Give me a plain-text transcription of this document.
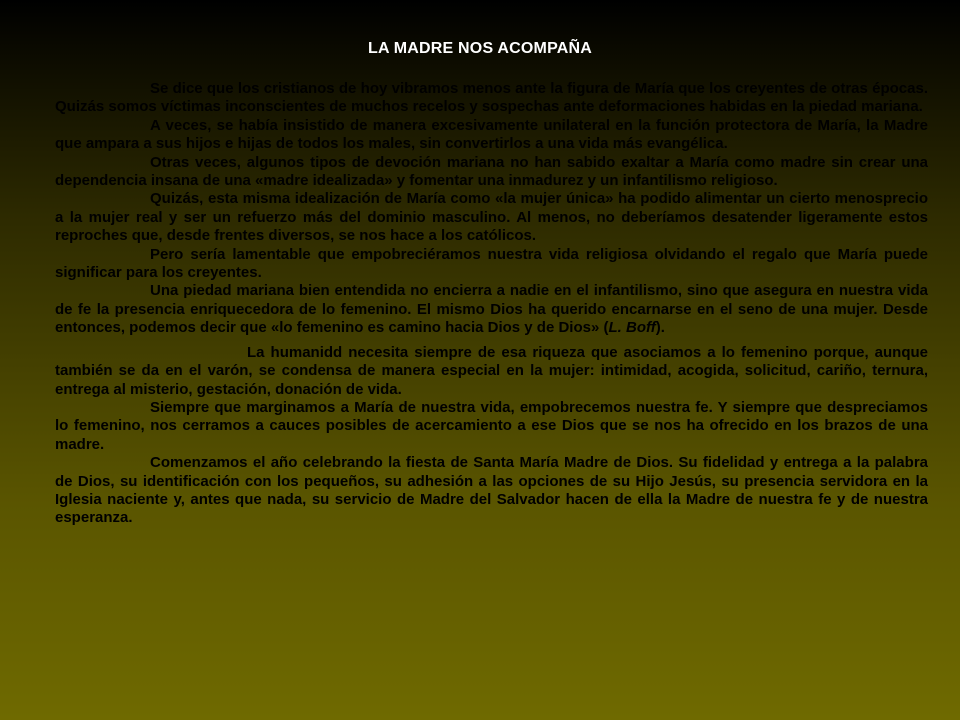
LA MADRE NOS ACOMPAÑA

Se dice que los cristianos de hoy vibramos menos ante la figura de María que los creyentes de otras épocas. Quizás somos víctimas inconscientes de muchos recelos y sospechas ante deformaciones habidas en la piedad mariana.

A veces, se había insistido de manera excesivamente unilateral en la función protectora de María, la Madre que ampara a sus hijos e hijas de todos los males, sin convertirlos a una vida más evangélica.

Otras veces, algunos tipos de devoción mariana no han sabido exaltar a María como madre sin crear una dependencia insana de una «madre idealizada» y fomentar una inmadurez y un infantilismo religioso.

Quizás, esta misma idealización de María como «la mujer única» ha podido alimentar un cierto menosprecio a la mujer real y ser un refuerzo más del dominio masculino. Al menos, no deberíamos desatender ligeramente estos reproches que, desde frentes diversos, se nos hace a los católicos.

Pero sería lamentable que empobreciéramos nuestra vida religiosa olvidando el regalo que María puede significar para los creyentes.

Una piedad mariana bien entendida no encierra a nadie en el infantilismo, sino que asegura en nuestra vida de fe la presencia enriquecedora de lo femenino. El mismo Dios ha querido encarnarse en el seno de una mujer. Desde entonces, podemos decir que «lo femenino es camino hacia Dios y de Dios» (L. Boff).

La humanidd necesita siempre de esa riqueza que asociamos a lo femenino porque, aunque también se da en el varón, se condensa de manera especial en la mujer: intimidad, acogida, solicitud, cariño, ternura, entrega al misterio, gestación, donación de vida.

Siempre que marginamos a María de nuestra vida, empobrecemos nuestra fe. Y siempre que despreciamos lo femenino, nos cerramos a cauces posibles de acercamiento a ese Dios que se nos ha ofrecido en los brazos de una madre.

Comenzamos el año celebrando la fiesta de Santa María Madre de Dios. Su fidelidad y entrega a la palabra de Dios, su identificación con los pequeños, su adhesión a las opciones de su Hijo Jesús, su presencia servidora en la Iglesia naciente y, antes que nada, su servicio de Madre del Salvador hacen de ella la Madre de nuestra fe y de nuestra esperanza.
